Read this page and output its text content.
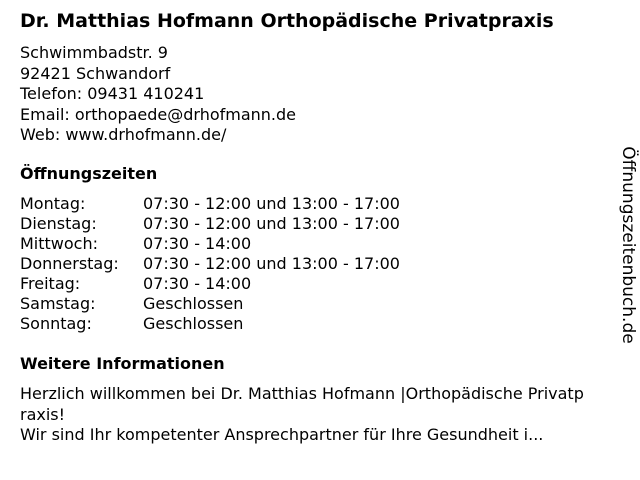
Dr. Matthias Hofmann Orthopädische Privatpraxis
Schwimmbadstr. 9
92421 Schwandorf
Telefon: 09431 410241
Email: orthopaede@drhofmann.de
Web: www.drhofmann.de/
Öffnungszeiten
Montag:	07:30 - 12:00 und 13:00 - 17:00
Dienstag:	07:30 - 12:00 und 13:00 - 17:00
Mittwoch:	07:30 - 14:00
Donnerstag: 07:30 - 12:00 und 13:00 - 17:00
Freitag:	07:30 - 14:00
Samstag:	Geschlossen
Sonntag:	Geschlossen
Weitere Informationen
Herzlich willkommen bei Dr. Matthias Hofmann |Orthopädische Privatp
raxis!
Wir sind Ihr kompetenter Ansprechpartner für Ihre Gesundheit i...
Öffnungszeitenbuch.de
